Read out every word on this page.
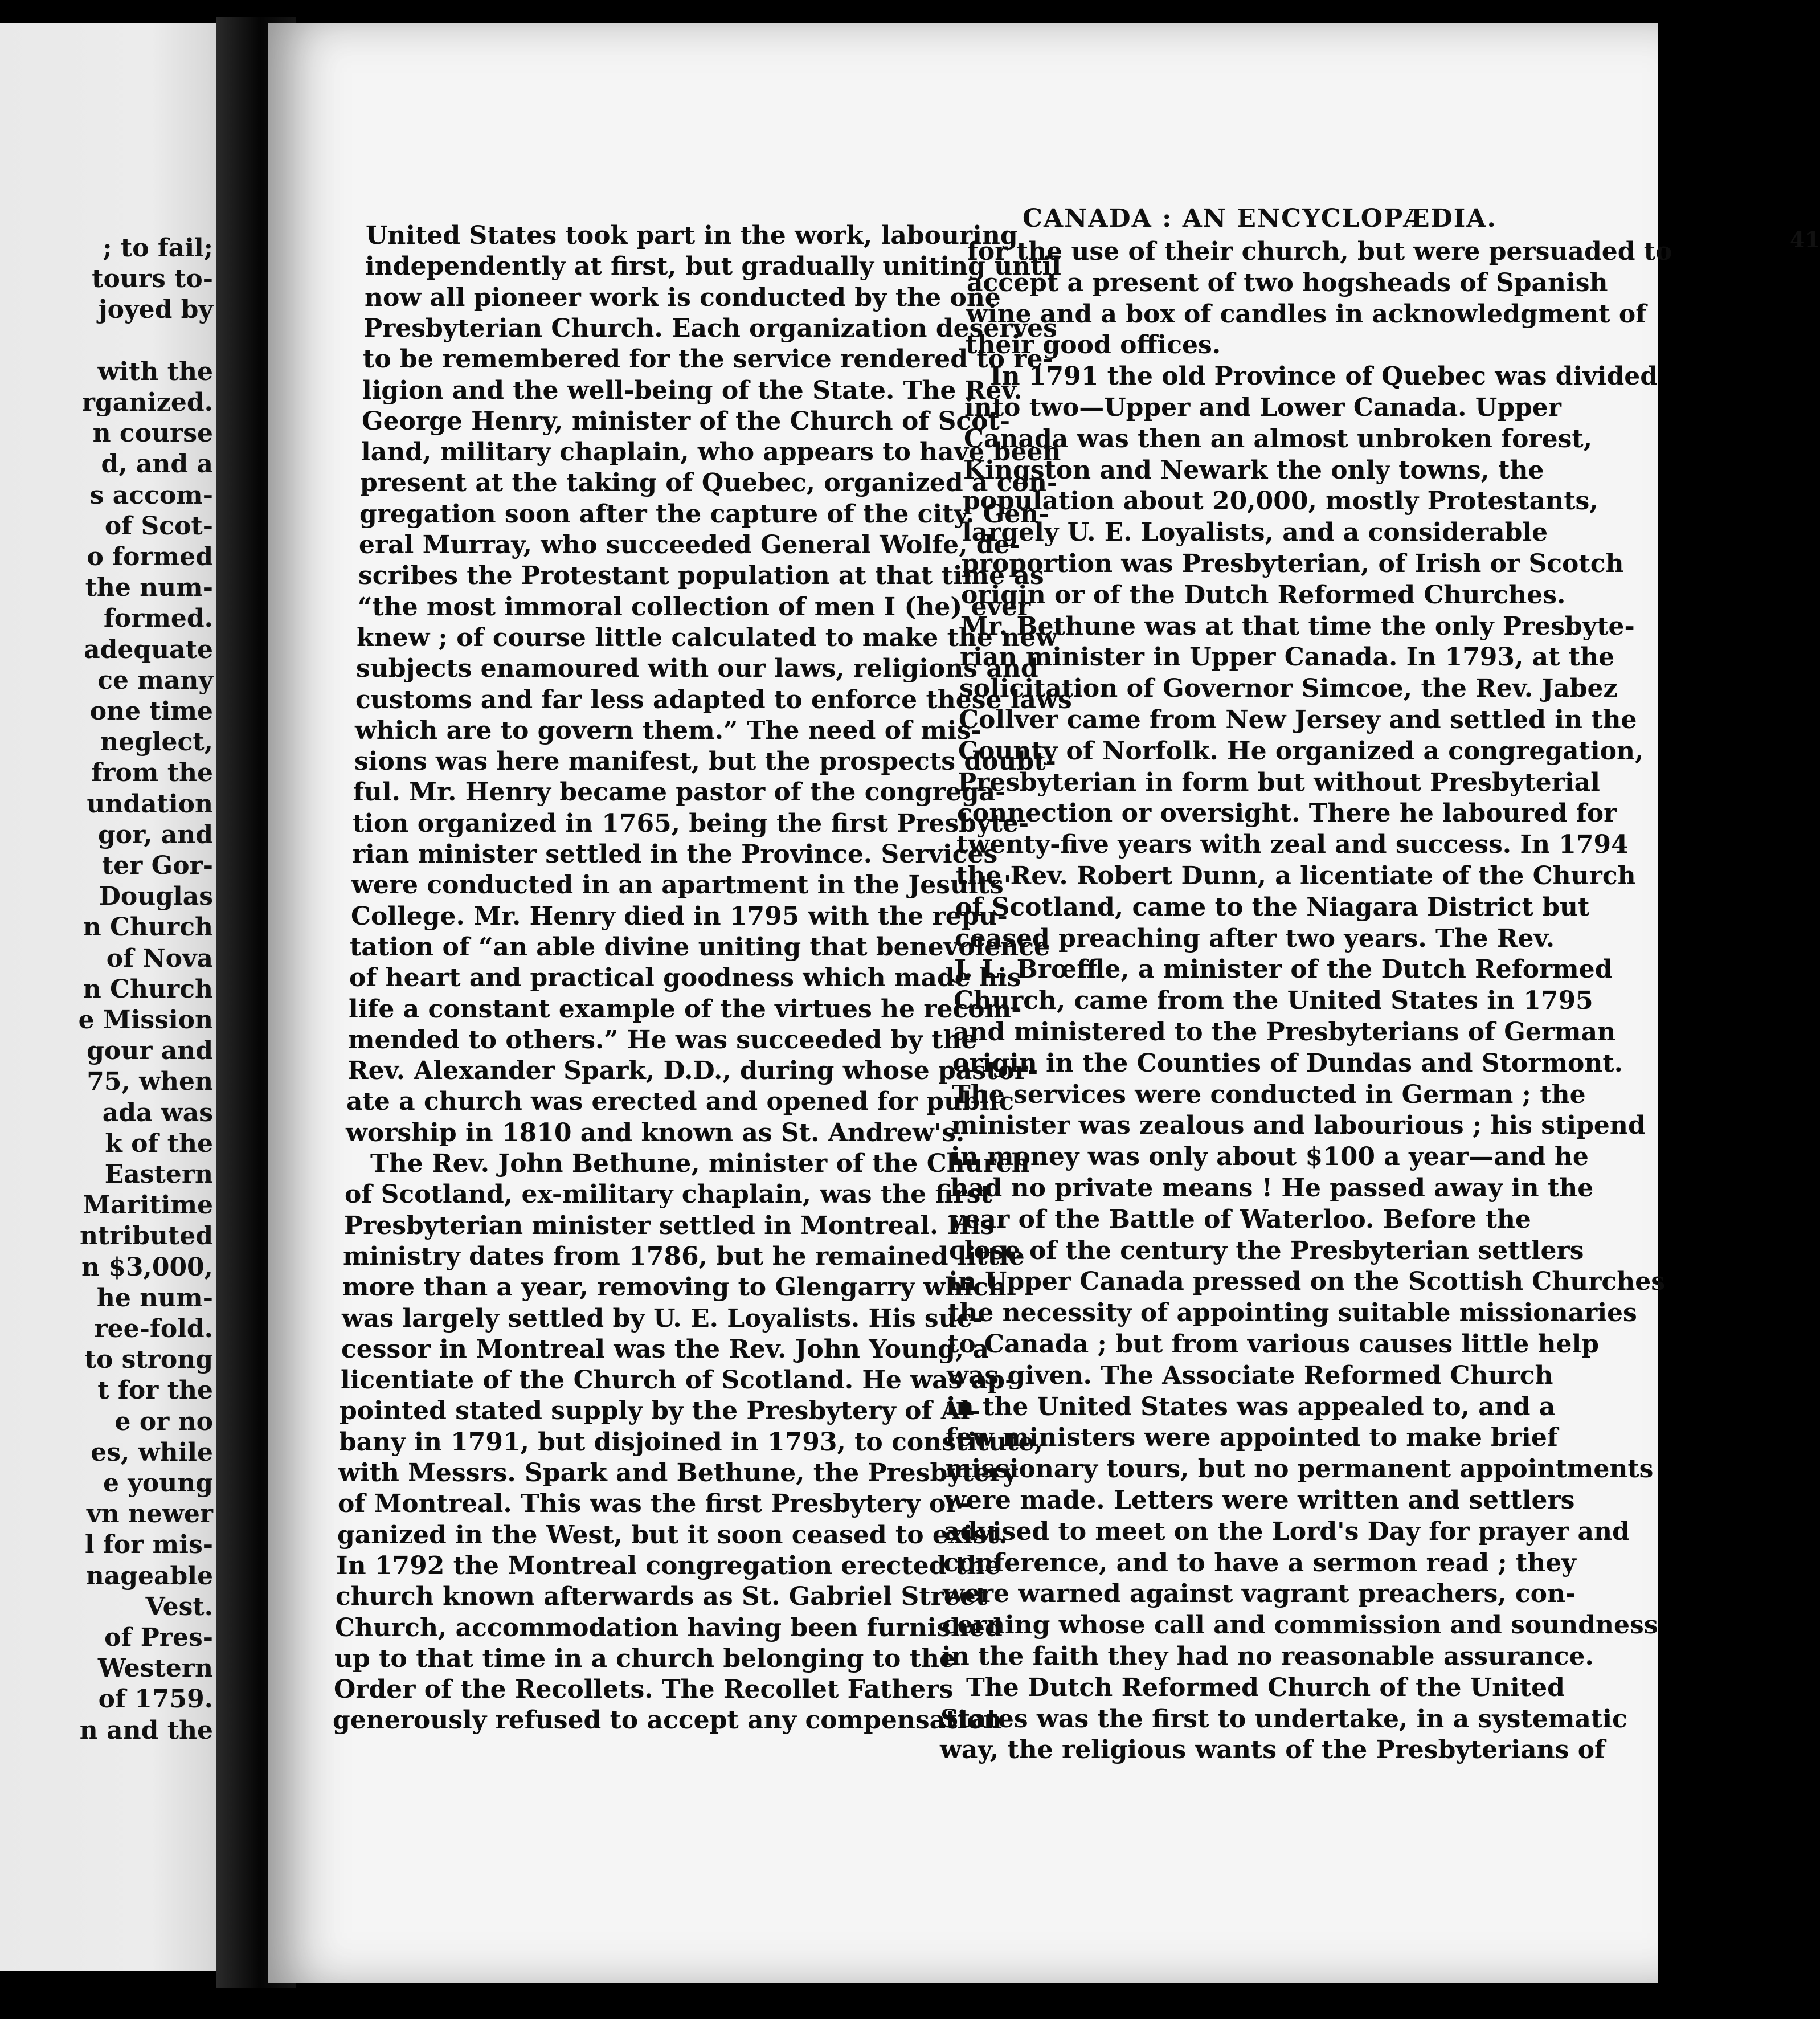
; to fail;
tours to-
joyed by
with the
rganized.
n course
d, and a
s accom-
of Scot-
o formed
the num-
formed.
adequate
ce many
one time
neglect,
from the
undation
gor, and
ter Gor-
Douglas
n Church
of Nova
n Church
e Mission
gour and
75, when
ada was
k of the
Eastern
Maritime
ntributed
n $3,000,
he num-
ree-fold.
to strong
t for the
e or no
es, while
e young
vn newer
l for mis-
nageable
Vest.
of Pres-
Western
of 1759.
n and the
CANADA : AN ENCYCLOPÆDIA.
41
United States took part in the work, labouring
independently at first, but gradually uniting until
now all pioneer work is conducted by the one
Presbyterian Church. Each organization deserves
to be remembered for the service rendered to re-
ligion and the well-being of the State. The Rev.
George Henry, minister of the Church of Scot-
land, military chaplain, who appears to have been
present at the taking of Quebec, organized a con-
gregation soon after the capture of the city. Gen-
eral Murray, who succeeded General Wolfe, de-
scribes the Protestant population at that time as
“the most immoral collection of men I (he) ever
knew ; of course little calculated to make the new
subjects enamoured with our laws, religions and
customs and far less adapted to enforce these laws
which are to govern them.” The need of mis-
sions was here manifest, but the prospects doubt-
ful. Mr. Henry became pastor of the congrega-
tion organized in 1765, being the first Presbyte-
rian minister settled in the Province. Services
were conducted in an apartment in the Jesuits'
College. Mr. Henry died in 1795 with the repu-
tation of “an able divine uniting that benevolence
of heart and practical goodness which made his
life a constant example of the virtues he recom-
mended to others.” He was succeeded by the
Rev. Alexander Spark, D.D., during whose pastor-
ate a church was erected and opened for public
worship in 1810 and known as St. Andrew's.
The Rev. John Bethune, minister of the Church
of Scotland, ex-military chaplain, was the first
Presbyterian minister settled in Montreal. His
ministry dates from 1786, but he remained little
more than a year, removing to Glengarry which
was largely settled by U. E. Loyalists. His suc-
cessor in Montreal was the Rev. John Young, a
licentiate of the Church of Scotland. He was ap-
pointed stated supply by the Presbytery of Al-
bany in 1791, but disjoined in 1793, to constitute,
with Messrs. Spark and Bethune, the Presbytery
of Montreal. This was the first Presbytery or-
ganized in the West, but it soon ceased to exist.
In 1792 the Montreal congregation erected the
church known afterwards as St. Gabriel Street
Church, accommodation having been furnished
up to that time in a church belonging to the
Order of the Recollets. The Recollet Fathers
generously refused to accept any compensation
for the use of their church, but were persuaded to
accept a present of two hogsheads of Spanish
wine and a box of candles in acknowledgment of
their good offices.
In 1791 the old Province of Quebec was divided
into two—Upper and Lower Canada. Upper
Canada was then an almost unbroken forest,
Kingston and Newark the only towns, the
population about 20,000, mostly Protestants,
largely U. E. Loyalists, and a considerable
proportion was Presbyterian, of Irish or Scotch
origin or of the Dutch Reformed Churches.
Mr. Bethune was at that time the only Presbyte-
rian minister in Upper Canada. In 1793, at the
solicitation of Governor Simcoe, the Rev. Jabez
Collver came from New Jersey and settled in the
County of Norfolk. He organized a congregation,
Presbyterian in form but without Presbyterial
connection or oversight. There he laboured for
twenty-five years with zeal and success. In 1794
the Rev. Robert Dunn, a licentiate of the Church
of Scotland, came to the Niagara District but
ceased preaching after two years. The Rev.
J. L. Brœffle, a minister of the Dutch Reformed
Church, came from the United States in 1795
and ministered to the Presbyterians of German
origin in the Counties of Dundas and Stormont.
The services were conducted in German ; the
minister was zealous and labourious ; his stipend
in money was only about $100 a year—and he
had no private means ! He passed away in the
year of the Battle of Waterloo. Before the
close of the century the Presbyterian settlers
in Upper Canada pressed on the Scottish Churches
the necessity of appointing suitable missionaries
to Canada ; but from various causes little help
was given. The Associate Reformed Church
in the United States was appealed to, and a
few ministers were appointed to make brief
missionary tours, but no permanent appointments
were made. Letters were written and settlers
advised to meet on the Lord's Day for prayer and
conference, and to have a sermon read ; they
were warned against vagrant preachers, con-
cerning whose call and commission and soundness
in the faith they had no reasonable assurance.
The Dutch Reformed Church of the United
States was the first to undertake, in a systematic
way, the religious wants of the Presbyterians of
